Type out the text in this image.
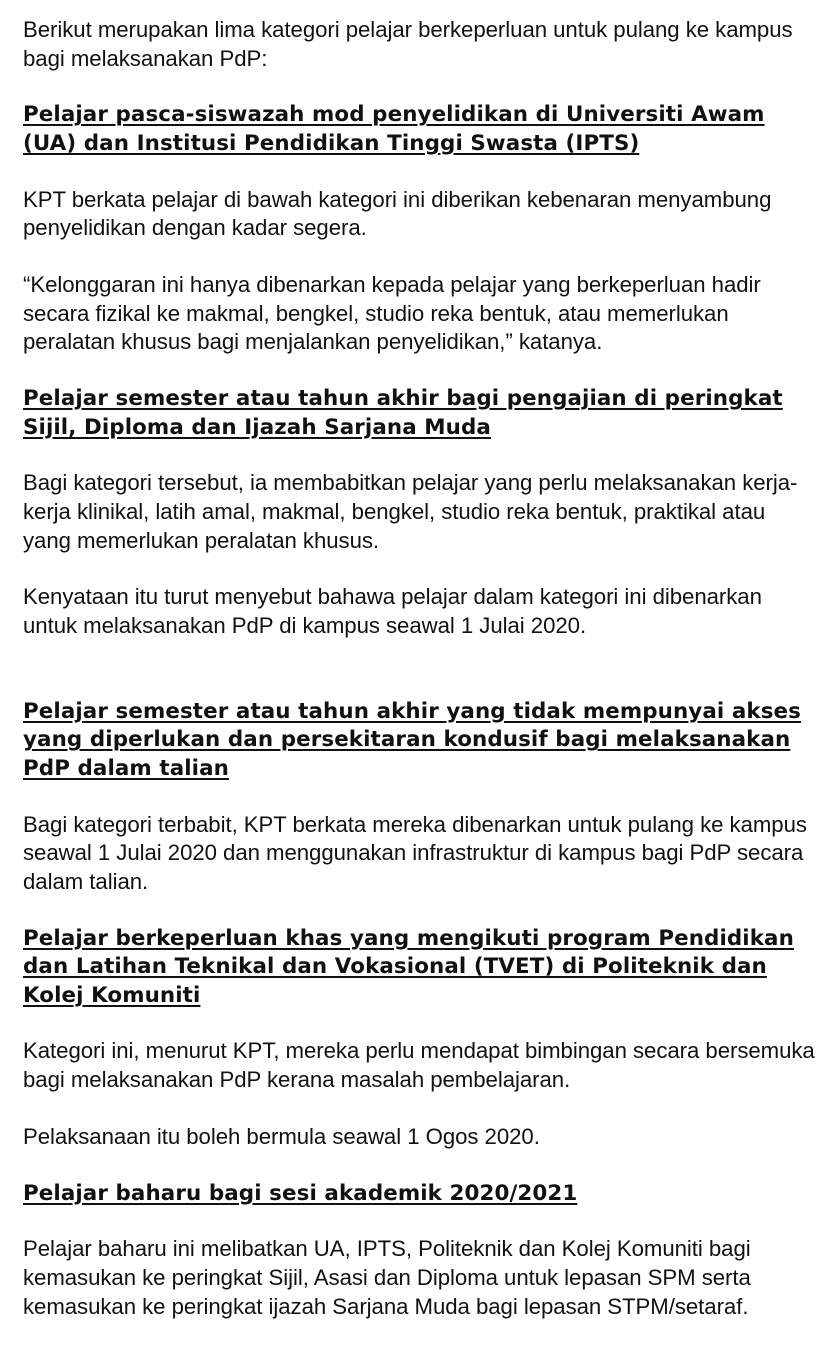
Berikut merupakan lima kategori pelajar berkeperluan untuk pulang ke kampus bagi melaksanakan PdP:

Pelajar pasca-siswazah mod penyelidikan di Universiti Awam (UA) dan Institusi Pendidikan Tinggi Swasta (IPTS)

KPT berkata pelajar di bawah kategori ini diberikan kebenaran menyambung penyelidikan dengan kadar segera.

“Kelonggaran ini hanya dibenarkan kepada pelajar yang berkeperluan hadir secara fizikal ke makmal, bengkel, studio reka bentuk, atau memerlukan peralatan khusus bagi menjalankan penyelidikan,” katanya.

Pelajar semester atau tahun akhir bagi pengajian di peringkat Sijil, Diploma dan Ijazah Sarjana Muda

Bagi kategori tersebut, ia membabitkan pelajar yang perlu melaksanakan kerja-kerja klinikal, latih amal, makmal, bengkel, studio reka bentuk, praktikal atau yang memerlukan peralatan khusus.

Kenyataan itu turut menyebut bahawa pelajar dalam kategori ini dibenarkan untuk melaksanakan PdP di kampus seawal 1 Julai 2020.

Pelajar semester atau tahun akhir yang tidak mempunyai akses yang diperlukan dan persekitaran kondusif bagi melaksanakan PdP dalam talian

Bagi kategori terbabit, KPT berkata mereka dibenarkan untuk pulang ke kampus seawal 1 Julai 2020 dan menggunakan infrastruktur di kampus bagi PdP secara dalam talian.

Pelajar berkeperluan khas yang mengikuti program Pendidikan dan Latihan Teknikal dan Vokasional (TVET) di Politeknik dan Kolej Komuniti

Kategori ini, menurut KPT, mereka perlu mendapat bimbingan secara bersemuka bagi melaksanakan PdP kerana masalah pembelajaran.

Pelaksanaan itu boleh bermula seawal 1 Ogos 2020.

Pelajar baharu bagi sesi akademik 2020/2021

Pelajar baharu ini melibatkan UA, IPTS, Politeknik dan Kolej Komuniti bagi kemasukan ke peringkat Sijil, Asasi dan Diploma untuk lepasan SPM serta kemasukan ke peringkat ijazah Sarjana Muda bagi lepasan STPM/setaraf.
